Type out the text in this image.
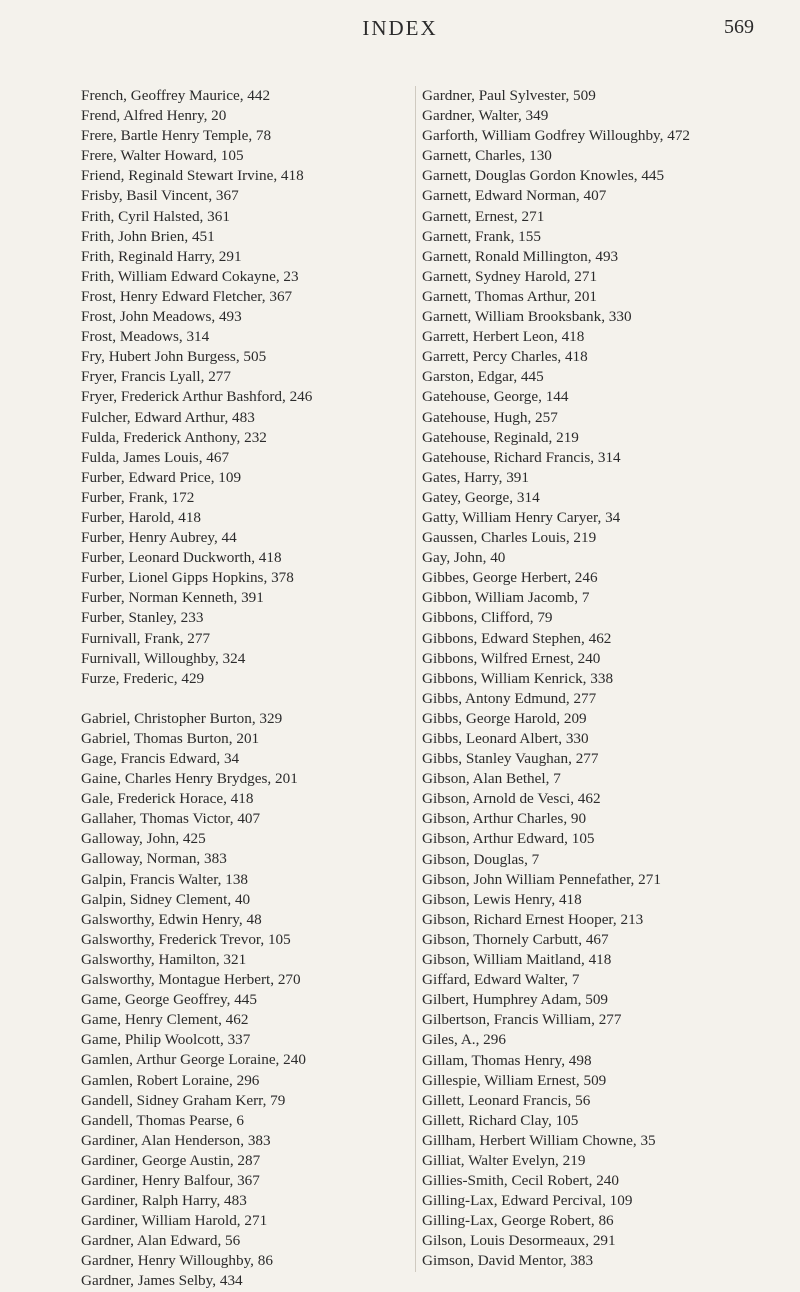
INDEX	569
French, Geoffrey Maurice, 442
Frend, Alfred Henry, 20
Frere, Bartle Henry Temple, 78
Frere, Walter Howard, 105
Friend, Reginald Stewart Irvine, 418
Frisby, Basil Vincent, 367
Frith, Cyril Halsted, 361
Frith, John Brien, 451
Frith, Reginald Harry, 291
Frith, William Edward Cokayne, 23
Frost, Henry Edward Fletcher, 367
Frost, John Meadows, 493
Frost, Meadows, 314
Fry, Hubert John Burgess, 505
Fryer, Francis Lyall, 277
Fryer, Frederick Arthur Bashford, 246
Fulcher, Edward Arthur, 483
Fulda, Frederick Anthony, 232
Fulda, James Louis, 467
Furber, Edward Price, 109
Furber, Frank, 172
Furber, Harold, 418
Furber, Henry Aubrey, 44
Furber, Leonard Duckworth, 418
Furber, Lionel Gipps Hopkins, 378
Furber, Norman Kenneth, 391
Furber, Stanley, 233
Furnivall, Frank, 277
Furnivall, Willoughby, 324
Furze, Frederic, 429
Gabriel, Christopher Burton, 329
Gabriel, Thomas Burton, 201
Gage, Francis Edward, 34
Gaine, Charles Henry Brydges, 201
Gale, Frederick Horace, 418
Gallaher, Thomas Victor, 407
Galloway, John, 425
Galloway, Norman, 383
Galpin, Francis Walter, 138
Galpin, Sidney Clement, 40
Galsworthy, Edwin Henry, 48
Galsworthy, Frederick Trevor, 105
Galsworthy, Hamilton, 321
Galsworthy, Montague Herbert, 270
Game, George Geoffrey, 445
Game, Henry Clement, 462
Game, Philip Woolcott, 337
Gamlen, Arthur George Loraine, 240
Gamlen, Robert Loraine, 296
Gandell, Sidney Graham Kerr, 79
Gandell, Thomas Pearse, 6
Gardiner, Alan Henderson, 383
Gardiner, George Austin, 287
Gardiner, Henry Balfour, 367
Gardiner, Ralph Harry, 483
Gardiner, William Harold, 271
Gardner, Alan Edward, 56
Gardner, Henry Willoughby, 86
Gardner, James Selby, 434
Gardner, Paul Sylvester, 509
Gardner, Walter, 349
Garforth, William Godfrey Willoughby, 472
Garnett, Charles, 130
Garnett, Douglas Gordon Knowles, 445
Garnett, Edward Norman, 407
Garnett, Ernest, 271
Garnett, Frank, 155
Garnett, Ronald Millington, 493
Garnett, Sydney Harold, 271
Garnett, Thomas Arthur, 201
Garnett, William Brooksbank, 330
Garrett, Herbert Leon, 418
Garrett, Percy Charles, 418
Garston, Edgar, 445
Gatehouse, George, 144
Gatehouse, Hugh, 257
Gatehouse, Reginald, 219
Gatehouse, Richard Francis, 314
Gates, Harry, 391
Gatey, George, 314
Gatty, William Henry Caryer, 34
Gaussen, Charles Louis, 219
Gay, John, 40
Gibbes, George Herbert, 246
Gibbon, William Jacomb, 7
Gibbons, Clifford, 79
Gibbons, Edward Stephen, 462
Gibbons, Wilfred Ernest, 240
Gibbons, William Kenrick, 338
Gibbs, Antony Edmund, 277
Gibbs, George Harold, 209
Gibbs, Leonard Albert, 330
Gibbs, Stanley Vaughan, 277
Gibson, Alan Bethel, 7
Gibson, Arnold de Vesci, 462
Gibson, Arthur Charles, 90
Gibson, Arthur Edward, 105
Gibson, Douglas, 7
Gibson, John William Pennefather, 271
Gibson, Lewis Henry, 418
Gibson, Richard Ernest Hooper, 213
Gibson, Thornely Carbutt, 467
Gibson, William Maitland, 418
Giffard, Edward Walter, 7
Gilbert, Humphrey Adam, 509
Gilbertson, Francis William, 277
Giles, A., 296
Gillam, Thomas Henry, 498
Gillespie, William Ernest, 509
Gillett, Leonard Francis, 56
Gillett, Richard Clay, 105
Gillham, Herbert William Chowne, 35
Gilliat, Walter Evelyn, 219
Gillies-Smith, Cecil Robert, 240
Gilling-Lax, Edward Percival, 109
Gilling-Lax, George Robert, 86
Gilson, Louis Desormeaux, 291
Gimson, David Mentor, 383
